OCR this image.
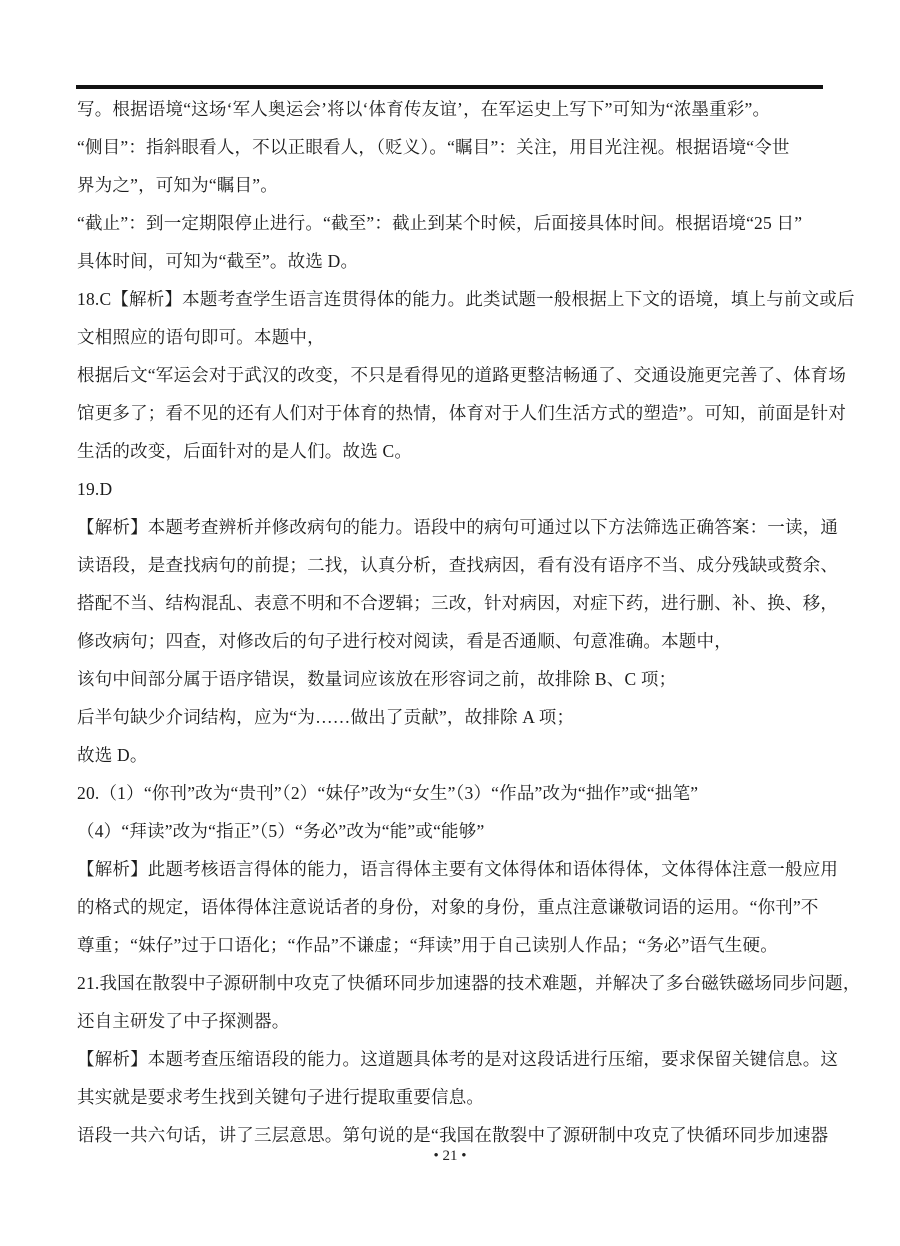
写。根据语境“这场‘军人奥运会’将以‘体育传友谊’，在军运史上写下”可知为“浓墨重彩”。
“侧目”：指斜眼看人，不以正眼看人，（贬义）。“瞩目”：关注，用目光注视。根据语境“令世
界为之”，可知为“瞩目”。
“截止”：到一定期限停止进行。“截至”：截止到某个时候，后面接具体时间。根据语境“25 日”
具体时间，可知为“截至”。故选 D。
18.C【解析】本题考查学生语言连贯得体的能力。此类试题一般根据上下文的语境，填上与前文或后
文相照应的语句即可。本题中，
根据后文“军运会对于武汉的改变，不只是看得见的道路更整洁畅通了、交通设施更完善了、体育场
馆更多了；看不见的还有人们对于体育的热情，体育对于人们生活方式的塑造”。可知，前面是针对
生活的改变，后面针对的是人们。故选 C。
19.D
【解析】本题考查辨析并修改病句的能力。语段中的病句可通过以下方法筛选正确答案：一读，通
读语段，是查找病句的前提；二找，认真分析，查找病因，看有没有语序不当、成分残缺或赘余、
搭配不当、结构混乱、表意不明和不合逻辑；三改，针对病因，对症下药，进行删、补、换、移，
修改病句；四查，对修改后的句子进行校对阅读，看是否通顺、句意准确。本题中，
该句中间部分属于语序错误，数量词应该放在形容词之前，故排除 B、C 项；
后半句缺少介词结构，应为“为……做出了贡献”，故排除 A 项；
故选 D。
20.（1）“你刊”改为“贵刊”（2）“妹仔”改为“女生”（3）“作品”改为“拙作”或“拙笔”
（4）“拜读”改为“指正”（5）“务必”改为“能”或“能够”
【解析】此题考核语言得体的能力，语言得体主要有文体得体和语体得体，文体得体注意一般应用
的格式的规定，语体得体注意说话者的身份，对象的身份，重点注意谦敬词语的运用。“你刊”不
尊重；“妹仔”过于口语化；“作品”不谦虚；“拜读”用于自己读别人作品；“务必”语气生硬。
21.我国在散裂中子源研制中攻克了快循环同步加速器的技术难题，并解决了多台磁铁磁场同步问题，
还自主研发了中子探测器。
【解析】本题考查压缩语段的能力。这道题具体考的是对这段话进行压缩，要求保留关键信息。这
其实就是要求考生找到关键句子进行提取重要信息。
语段一共六句话，讲了三层意思。第句说的是“我国在散裂中了源研制中攻克了快循环同步加速器
• 21 •
